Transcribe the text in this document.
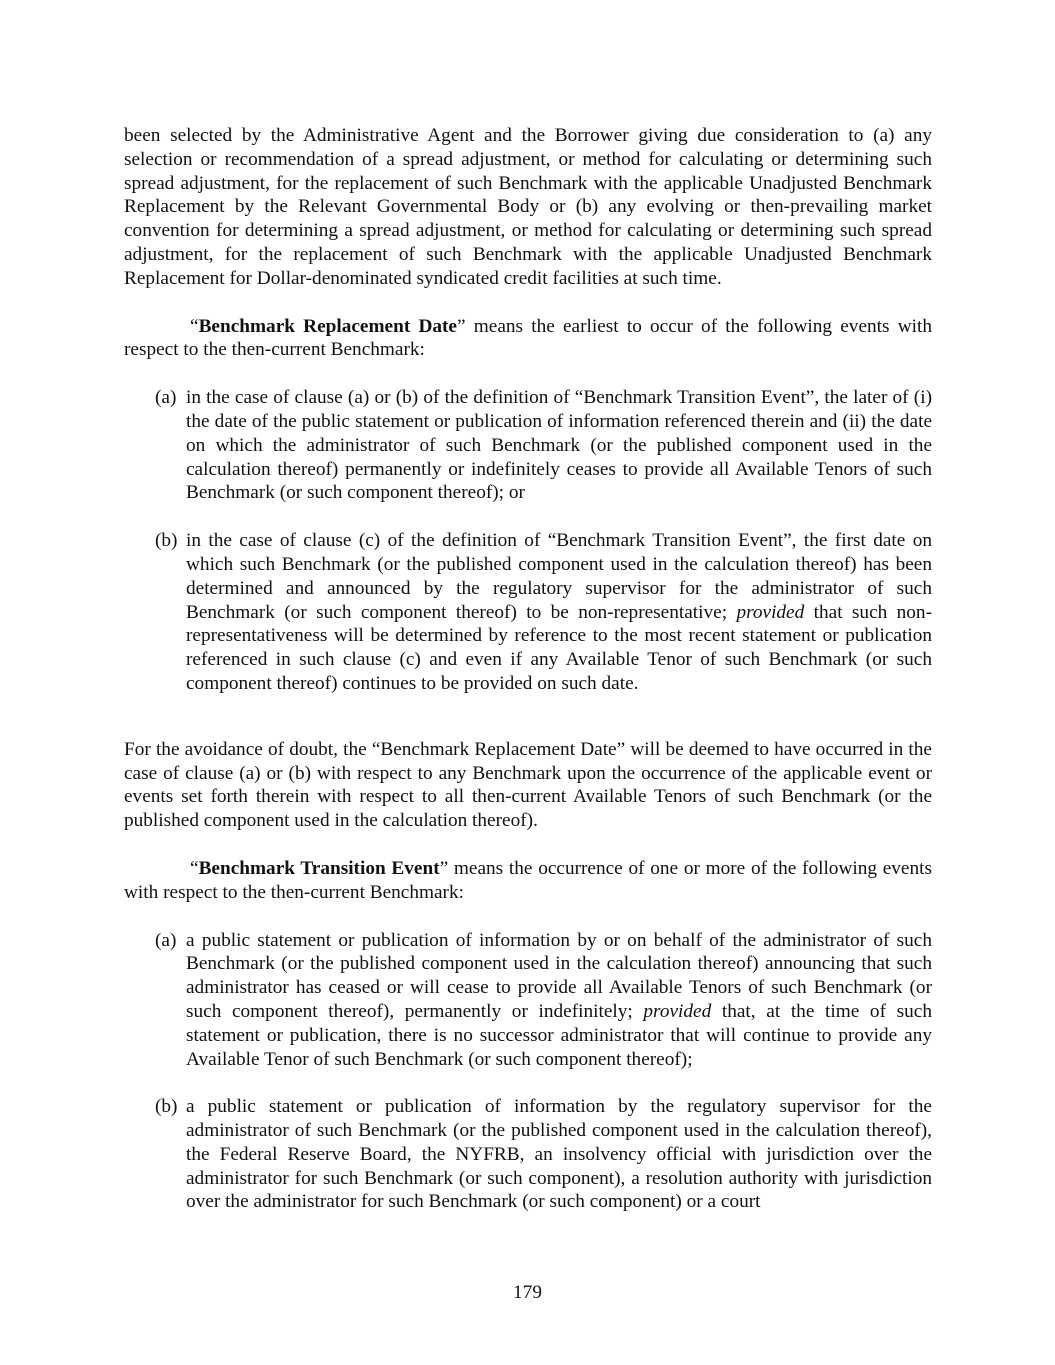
been selected by the Administrative Agent and the Borrower giving due consideration to (a) any selection or recommendation of a spread adjustment, or method for calculating or determining such spread adjustment, for the replacement of such Benchmark with the applicable Unadjusted Benchmark Replacement by the Relevant Governmental Body or (b) any evolving or then-prevailing market convention for determining a spread adjustment, or method for calculating or determining such spread adjustment, for the replacement of such Benchmark with the applicable Unadjusted Benchmark Replacement for Dollar-denominated syndicated credit facilities at such time.

“Benchmark Replacement Date” means the earliest to occur of the following events with respect to the then-current Benchmark:

(a) in the case of clause (a) or (b) of the definition of “Benchmark Transition Event”, the later of (i) the date of the public statement or publication of information referenced therein and (ii) the date on which the administrator of such Benchmark (or the published component used in the calculation thereof) permanently or indefinitely ceases to provide all Available Tenors of such Benchmark (or such component thereof); or
(b) in the case of clause (c) of the definition of “Benchmark Transition Event”, the first date on which such Benchmark (or the published component used in the calculation thereof) has been determined and announced by the regulatory supervisor for the administrator of such Benchmark (or such component thereof) to be non-representative; provided that such non-representativeness will be determined by reference to the most recent statement or publication referenced in such clause (c) and even if any Available Tenor of such Benchmark (or such component thereof) continues to be provided on such date.

For the avoidance of doubt, the “Benchmark Replacement Date” will be deemed to have occurred in the case of clause (a) or (b) with respect to any Benchmark upon the occurrence of the applicable event or events set forth therein with respect to all then-current Available Tenors of such Benchmark (or the published component used in the calculation thereof).

“Benchmark Transition Event” means the occurrence of one or more of the following events with respect to the then-current Benchmark:

(a) a public statement or publication of information by or on behalf of the administrator of such Benchmark (or the published component used in the calculation thereof) announcing that such administrator has ceased or will cease to provide all Available Tenors of such Benchmark (or such component thereof), permanently or indefinitely; provided that, at the time of such statement or publication, there is no successor administrator that will continue to provide any Available Tenor of such Benchmark (or such component thereof);
(b) a public statement or publication of information by the regulatory supervisor for the administrator of such Benchmark (or the published component used in the calculation thereof), the Federal Reserve Board, the NYFRB, an insolvency official with jurisdiction over the administrator for such Benchmark (or such component), a resolution authority with jurisdiction over the administrator for such Benchmark (or such component) or a court
179
